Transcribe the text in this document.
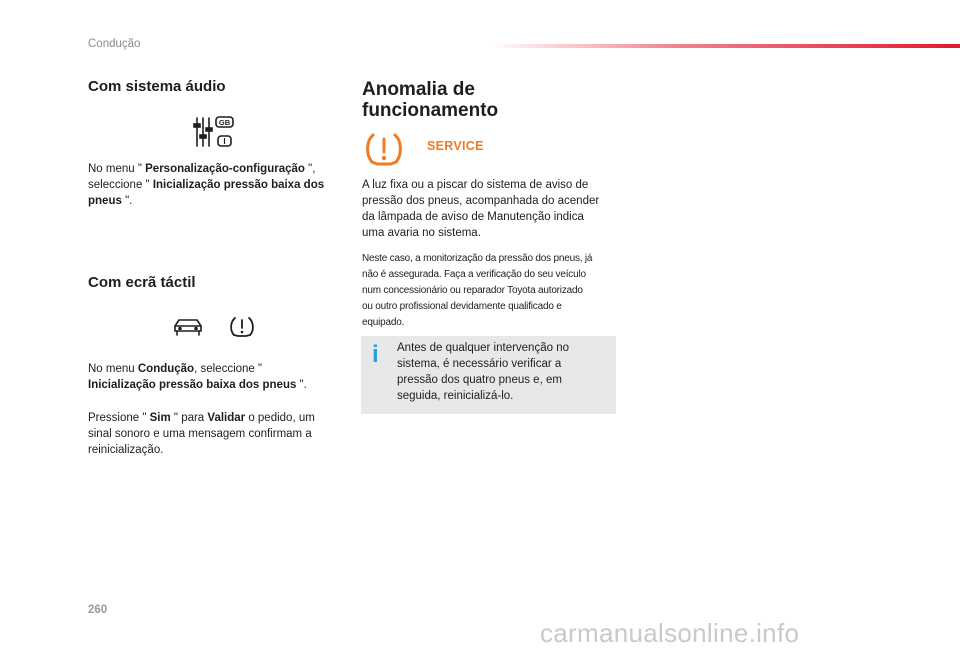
Condução
Com sistema áudio
GB
I
No menu " Personalização-configuração ",
seleccione " Inicialização pressão baixa dos
pneus ".
Com ecrã táctil
No menu Condução, seleccione "
Inicialização pressão baixa dos pneus ".
Pressione " Sim " para Validar o pedido, um
sinal sonoro e uma mensagem confirmam a
reinicialização.
Anomalia de
funcionamento
SERVICE
A luz fixa ou a piscar do sistema de aviso de
pressão dos pneus, acompanhada do acender
da lâmpada de aviso de Manutenção indica
uma avaria no sistema.
Neste caso, a monitorização da pressão dos pneus, já
não é assegurada. Faça a verificação do seu veículo
num concessionário ou reparador Toyota autorizado
ou outro profissional devidamente qualificado e
equipado.
i Antes de qualquer intervenção no
sistema, é necessário verificar a
pressão dos quatro pneus e, em
seguida, reinicializá-lo.
260
carmanualsonline.info
